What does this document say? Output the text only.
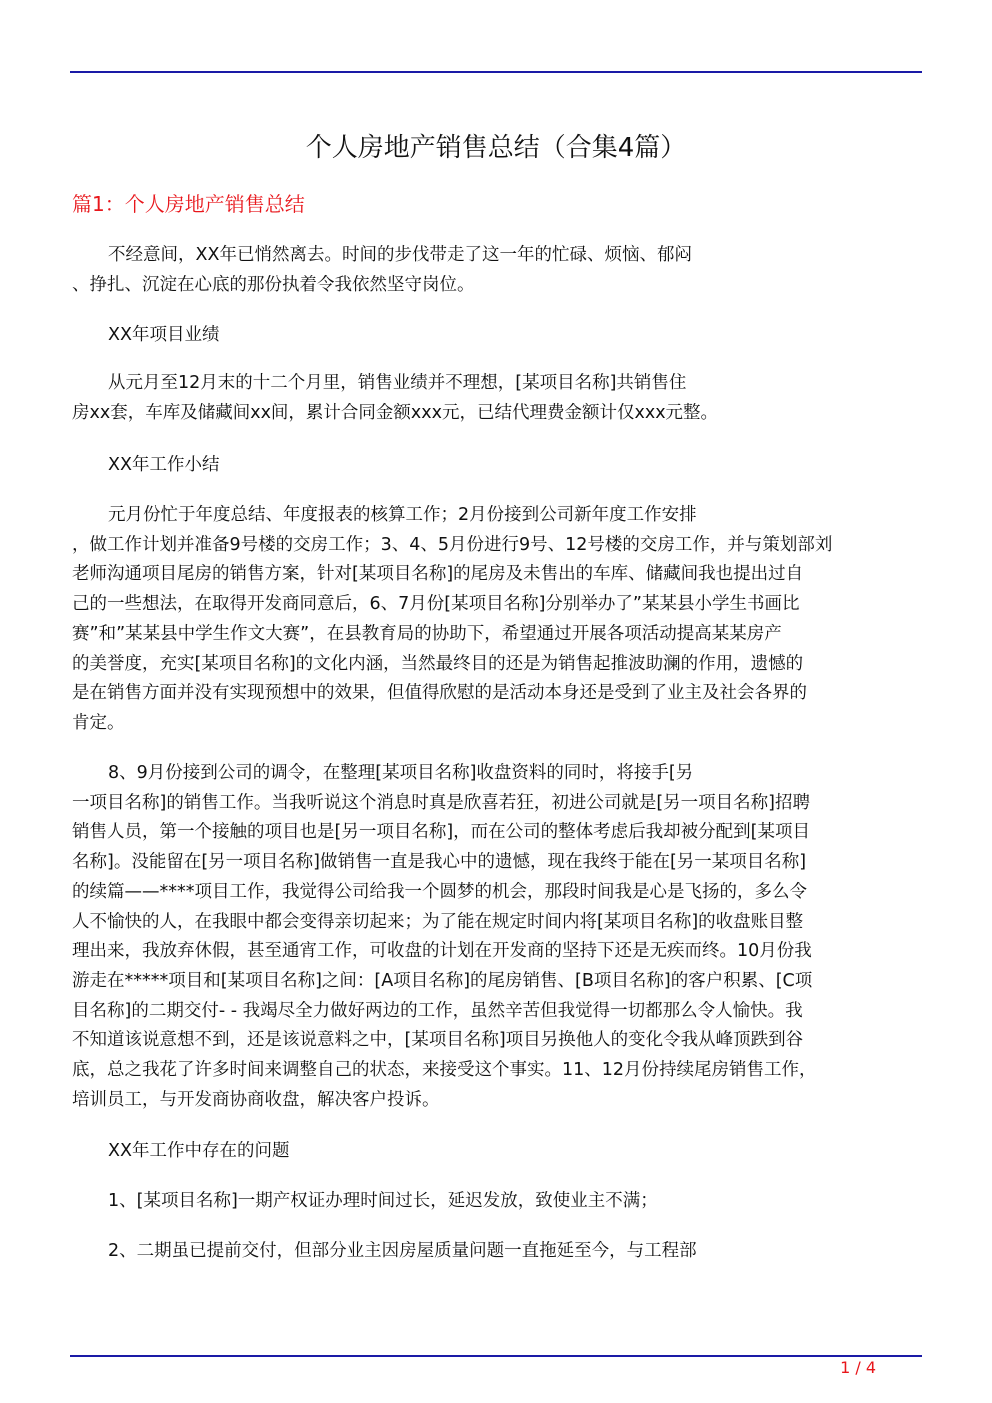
个人房地产销售总结（合集4篇）
篇1：个人房地产销售总结
不经意间，XX年已悄然离去。时间的步伐带走了这一年的忙碌、烦恼、郁闷
、挣扎、沉淀在心底的那份执着令我依然坚守岗位。
XX年项目业绩
从元月至12月末的十二个月里，销售业绩并不理想，[某项目名称]共销售住
房xx套，车库及储藏间xx间，累计合同金额xxx元，已结代理费金额计仅xxx元整。
XX年工作小结
元月份忙于年度总结、年度报表的核算工作；2月份接到公司新年度工作安排
，做工作计划并准备9号楼的交房工作；3、4、5月份进行9号、12号楼的交房工作，并与策划部刘
老师沟通项目尾房的销售方案，针对[某项目名称]的尾房及未售出的车库、储藏间我也提出过自
己的一些想法，在取得开发商同意后，6、7月份[某项目名称]分别举办了”某某县小学生书画比
赛”和”某某县中学生作文大赛”，在县教育局的协助下，希望通过开展各项活动提高某某房产
的美誉度，充实[某项目名称]的文化内涵，当然最终目的还是为销售起推波助澜的作用，遗憾的
是在销售方面并没有实现预想中的效果，但值得欣慰的是活动本身还是受到了业主及社会各界的
肯定。
8、9月份接到公司的调令，在整理[某项目名称]收盘资料的同时，将接手[另
一项目名称]的销售工作。当我听说这个消息时真是欣喜若狂，初进公司就是[另一项目名称]招聘
销售人员，第一个接触的项目也是[另一项目名称]，而在公司的整体考虑后我却被分配到[某项目
名称]。没能留在[另一项目名称]做销售一直是我心中的遗憾，现在我终于能在[另一某项目名称]
的续篇——****项目工作，我觉得公司给我一个圆梦的机会，那段时间我是心是飞扬的，多么令
人不愉快的人，在我眼中都会变得亲切起来；为了能在规定时间内将[某项目名称]的收盘账目整
理出来，我放弃休假，甚至通宵工作，可收盘的计划在开发商的坚持下还是无疾而终。10月份我
游走在*****项目和[某项目名称]之间：[A项目名称]的尾房销售、[B项目名称]的客户积累、[C项
目名称]的二期交付- - 我竭尽全力做好两边的工作，虽然辛苦但我觉得一切都那么令人愉快。我
不知道该说意想不到，还是该说意料之中，[某项目名称]项目另换他人的变化令我从峰顶跌到谷
底，总之我花了许多时间来调整自己的状态，来接受这个事实。11、12月份持续尾房销售工作，
培训员工，与开发商协商收盘，解决客户投诉。
XX年工作中存在的问题
1、[某项目名称]一期产权证办理时间过长，延迟发放，致使业主不满；
2、二期虽已提前交付，但部分业主因房屋质量问题一直拖延至今，与工程部
1 / 4
